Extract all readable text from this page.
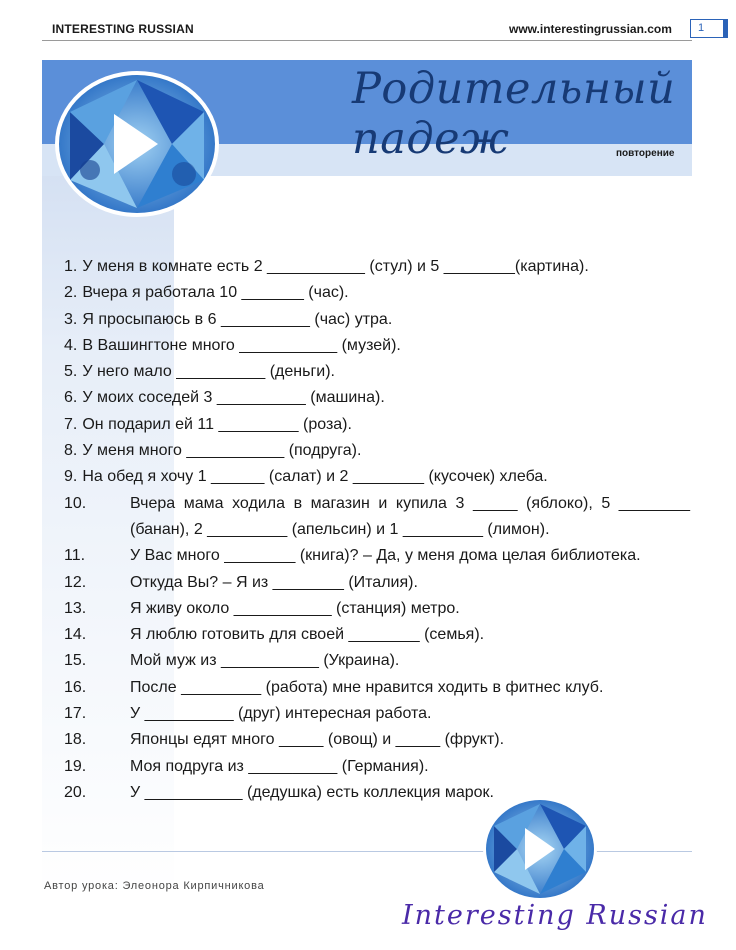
INTERESTING RUSSIAN	www.interestingrussian.com 1
Родительный падеж	повторение
1. У меня в комнате есть 2 ___________ (стул) и 5 ________(картина).
2. Вчера я работала 10 _______ (час).
3. Я просыпаюсь в 6 __________ (час) утра.
4. В Вашингтоне много ___________ (музей).
5. У него мало __________ (деньги).
6. У моих соседей 3 __________ (машина).
7. Он подарил ей 11 _________ (роза).
8. У меня много ___________ (подруга).
9. На обед я хочу 1 ______ (салат) и 2 ________ (кусочек) хлеба.
10.	Вчера мама ходила в магазин и купила 3 _____ (яблоко), 5 ________ (банан), 2 _________ (апельсин) и 1 _________ (лимон).
11.	У Вас много ________ (книга)? – Да, у меня дома целая библиотека.
12.	Откуда Вы? – Я из ________ (Италия).
13.	Я живу около ___________ (станция) метро.
14.	Я люблю готовить для своей ________ (семья).
15.	Мой муж из ___________ (Украина).
16.	После _________ (работа) мне нравится ходить в фитнес клуб.
17.	У __________ (друг) интересная работа.
18.	Японцы едят много _____ (овощ) и _____ (фрукт).
19.	Моя подруга из __________ (Германия).
20.	У ___________ (дедушка) есть коллекция марок.
Автор урока: Элеонора Кирпичникова
Interesting Russian
